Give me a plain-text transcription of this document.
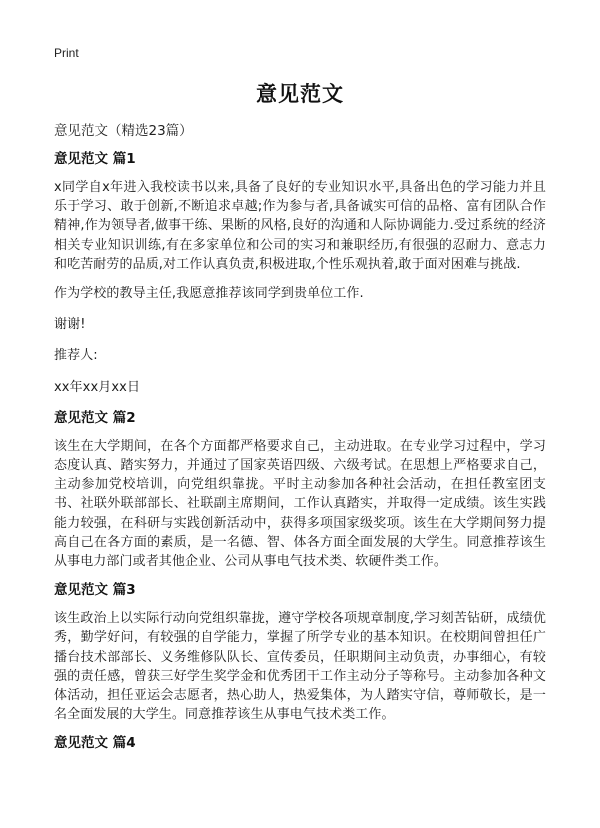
Print
意见范文
意见范文（精选23篇）
意见范文 篇1
x同学自x年进入我校读书以来,具备了良好的专业知识水平,具备出色的学习能力并且乐于学习、敢于创新,不断追求卓越;作为参与者,具备诚实可信的品格、富有团队合作精神,作为领导者,做事干练、果断的风格,良好的沟通和人际协调能力.受过系统的经济相关专业知识训练,有在多家单位和公司的实习和兼职经历,有很强的忍耐力、意志力和吃苦耐劳的品质,对工作认真负责,积极进取,个性乐观执着,敢于面对困难与挑战.
作为学校的教导主任,我愿意推荐该同学到贵单位工作.
谢谢!
推荐人:
xx年xx月xx日
意见范文 篇2
该生在大学期间，在各个方面都严格要求自己，主动进取。在专业学习过程中，学习态度认真、踏实努力，并通过了国家英语四级、六级考试。在思想上严格要求自己，主动参加党校培训，向党组织靠拢。平时主动参加各种社会活动，在担任教室团支书、社联外联部部长、社联副主席期间，工作认真踏实，并取得一定成绩。该生实践能力较强，在科研与实践创新活动中，获得多项国家级奖项。该生在大学期间努力提高自己在各方面的素质，是一名德、智、体各方面全面发展的大学生。同意推荐该生从事电力部门或者其他企业、公司从事电气技术类、软硬件类工作。
意见范文 篇3
该生政治上以实际行动向党组织靠拢，遵守学校各项规章制度,学习刻苦钻研，成绩优秀，勤学好问，有较强的自学能力，掌握了所学专业的基本知识。在校期间曾担任广播台技术部部长、义务维修队队长、宣传委员，任职期间主动负责，办事细心，有较强的责任感，曾获三好学生奖学金和优秀团干工作主动分子等称号。主动参加各种文体活动，担任亚运会志愿者，热心助人，热爱集体，为人踏实守信，尊师敬长，是一名全面发展的大学生。同意推荐该生从事电气技术类工作。
意见范文 篇4
